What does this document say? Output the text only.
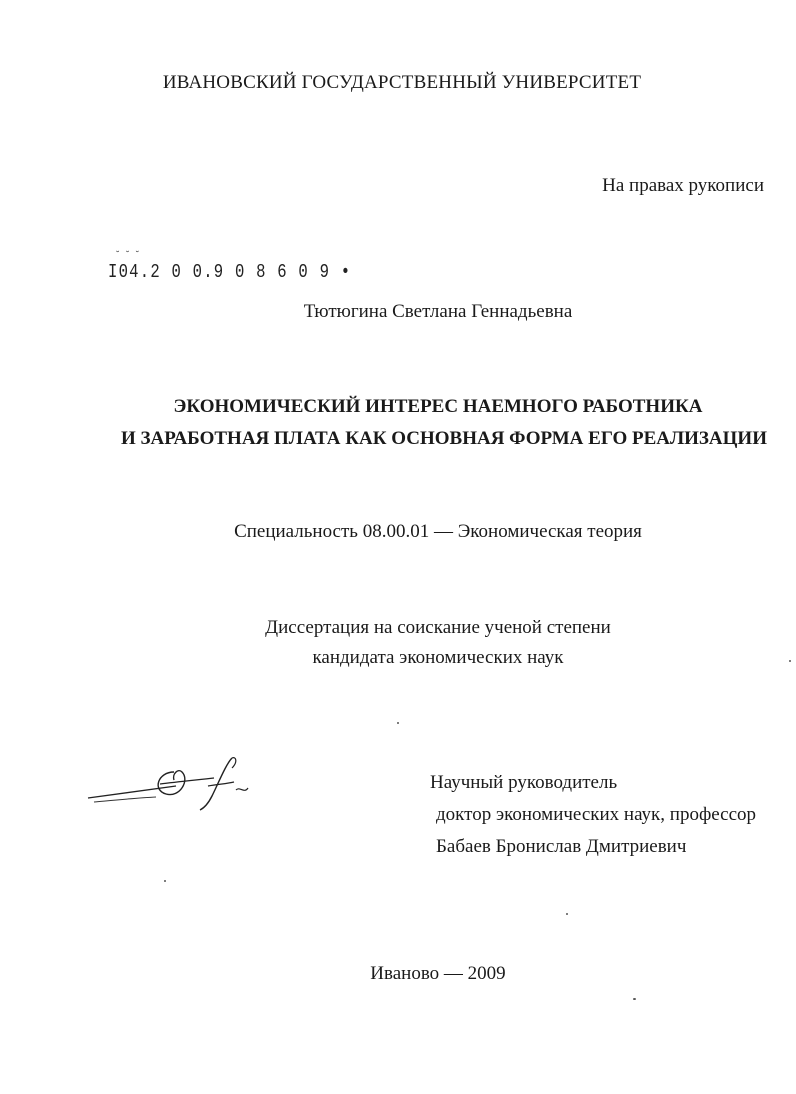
ИВАНОВСКИЙ ГОСУДАРСТВЕННЫЙ УНИВЕРСИТЕТ
На правах рукописи
˘ ˘ ˘
I04.2 0 0.9 0 8 6 0 9 •
Тютюгина Светлана Геннадьевна
ЭКОНОМИЧЕСКИЙ ИНТЕРЕС НАЕМНОГО РАБОТНИКА
И ЗАРАБОТНАЯ ПЛАТА КАК ОСНОВНАЯ ФОРМА ЕГО РЕАЛИЗАЦИИ
Специальность 08.00.01 — Экономическая теория
Диссертация на соискание ученой степени
кандидата экономических наук
Научный руководитель
доктор экономических наук, профессор
Бабаев Бронислав Дмитриевич
Иваново — 2009
